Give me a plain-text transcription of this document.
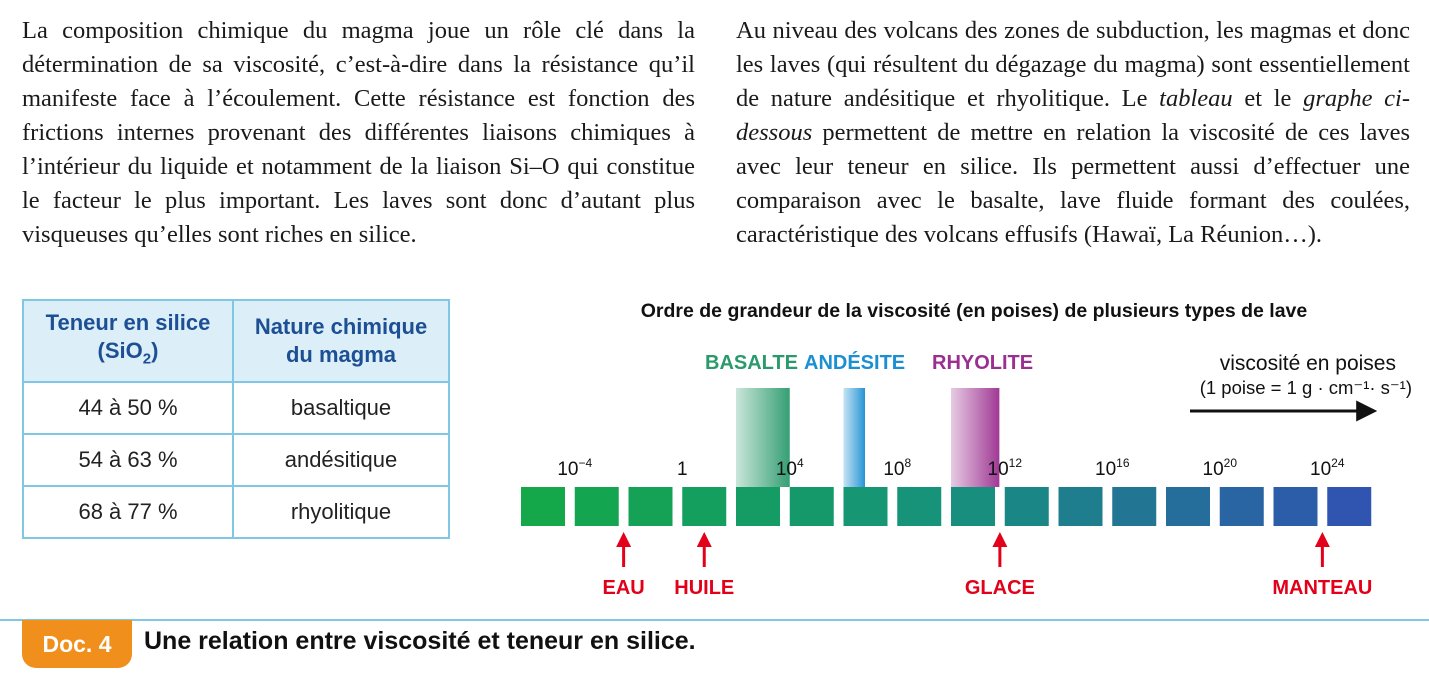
La composition chimique du magma joue un rôle clé dans la détermination de sa viscosité, c’est-à-dire dans la résistance qu’il manifeste face à l’écoulement. Cette résistance est fonction des frictions internes provenant des différentes liaisons chimiques à l’intérieur du liquide et notamment de la liaison Si–O qui constitue le facteur le plus important. Les laves sont donc d’autant plus visqueuses qu’elles sont riches en silice.

Au niveau des volcans des zones de subduction, les magmas et donc les laves (qui résultent du dégazage du magma) sont essentiellement de nature andésitique et rhyolitique. Le tableau et le graphe ci-dessous permettent de mettre en relation la viscosité de ces laves avec leur teneur en silice. Ils permettent aussi d’effectuer une comparaison avec le basalte, lave fluide formant des coulées, caractéristique des volcans effusifs (Hawaï, La Réunion…).

Teneur en silice
(SiO$_2$)	Nature chimique
du magma
44 à 50 %	basaltique
54 à 63 %	andésitique
68 à 77 %	rhyolitique
Ordre de grandeur de la viscosité (en poises) de plusieurs types de lave
viscosité en poises
(1 poise = 1 g · cm⁻¹· s⁻¹)
$10^{-4}$	1	$10^4$	$10^8$	$10^{12}$	$10^{16}$	$10^{20}$	$10^{24}$
BASALTE ANDÉSITE RHYOLITE
EAU HUILE	GLACE	MANTEAU
Doc. 4	Une relation entre viscosité et teneur en silice.
